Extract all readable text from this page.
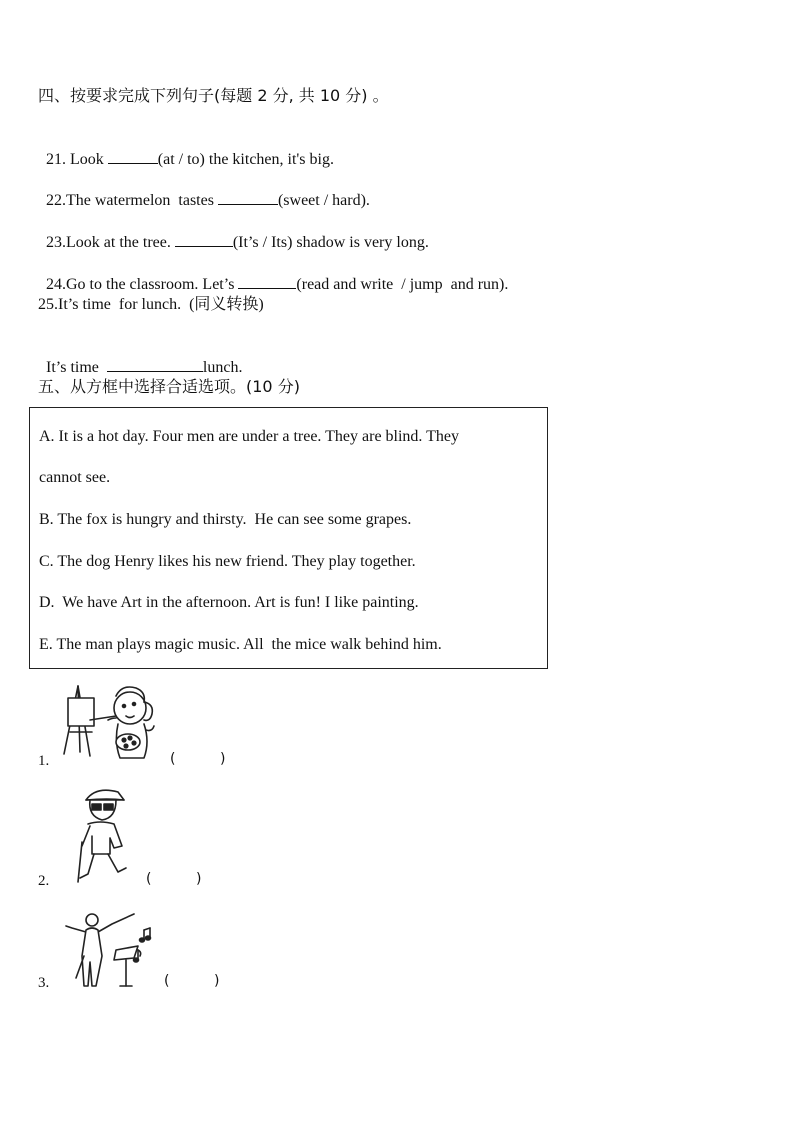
四、按要求完成下列句子(每题 2 分, 共 10 分) 。

21. Look	(at / to) the kitchen, it's big.

22.The watermelon  tastes	(sweet / hard).

23.Look at the tree.	(It’s / Its) shadow is very long.

24.Go to the classroom. Let’s	(read and write  / jump  and run).

25.It’s time  for lunch.  (同义转换)

It’s time	lunch.

五、从方框中选择合适选项。(10 分)
A. It is a hot day. Four men are under a tree. They are blind. They
cannot see.
B. The fox is hungry and thirsty.  He can see some grapes.
C. The dog Henry likes his new friend. They play together.
D.  We have Art in the afternoon. Art is fun! I like painting.
E. The man plays magic music. All  the mice walk behind him.
1.	(          )
2.	(          )
3.	(          )
